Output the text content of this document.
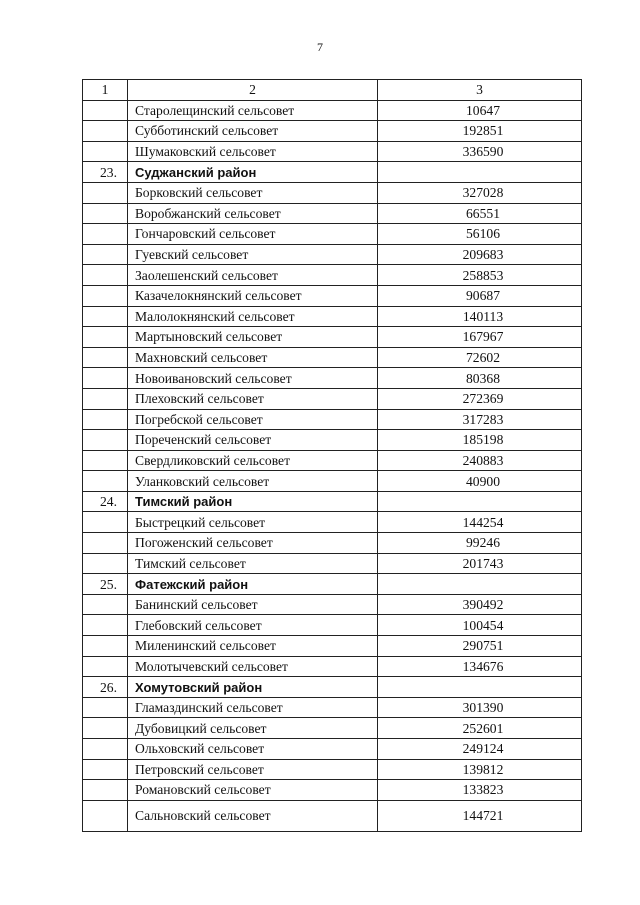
7
1	2	3
	Старолещинский сельсовет	10647
	Субботинский сельсовет	192851
	Шумаковский сельсовет	336590
23.	Суджанский район	
	Борковский сельсовет	327028
	Воробжанский сельсовет	66551
	Гончаровский сельсовет	56106
	Гуевский сельсовет	209683
	Заолешенский сельсовет	258853
	Казачелокнянский сельсовет	90687
	Малолокнянский сельсовет	140113
	Мартыновский сельсовет	167967
	Махновский сельсовет	72602
	Новоивановский сельсовет	80368
	Плеховский сельсовет	272369
	Погребской сельсовет	317283
	Пореченский сельсовет	185198
	Свердликовский сельсовет	240883
	Уланковский сельсовет	40900
24.	Тимский район	
	Быстрецкий сельсовет	144254
	Погоженский сельсовет	99246
	Тимский сельсовет	201743
25.	Фатежский район	
	Банинский сельсовет	390492
	Глебовский сельсовет	100454
	Миленинский сельсовет	290751
	Молотычевский сельсовет	134676
26.	Хомутовский район	
	Гламаздинский сельсовет	301390
	Дубовицкий сельсовет	252601
	Ольховский сельсовет	249124
	Петровский сельсовет	139812
	Романовский сельсовет	133823
	Сальновский сельсовет	144721
